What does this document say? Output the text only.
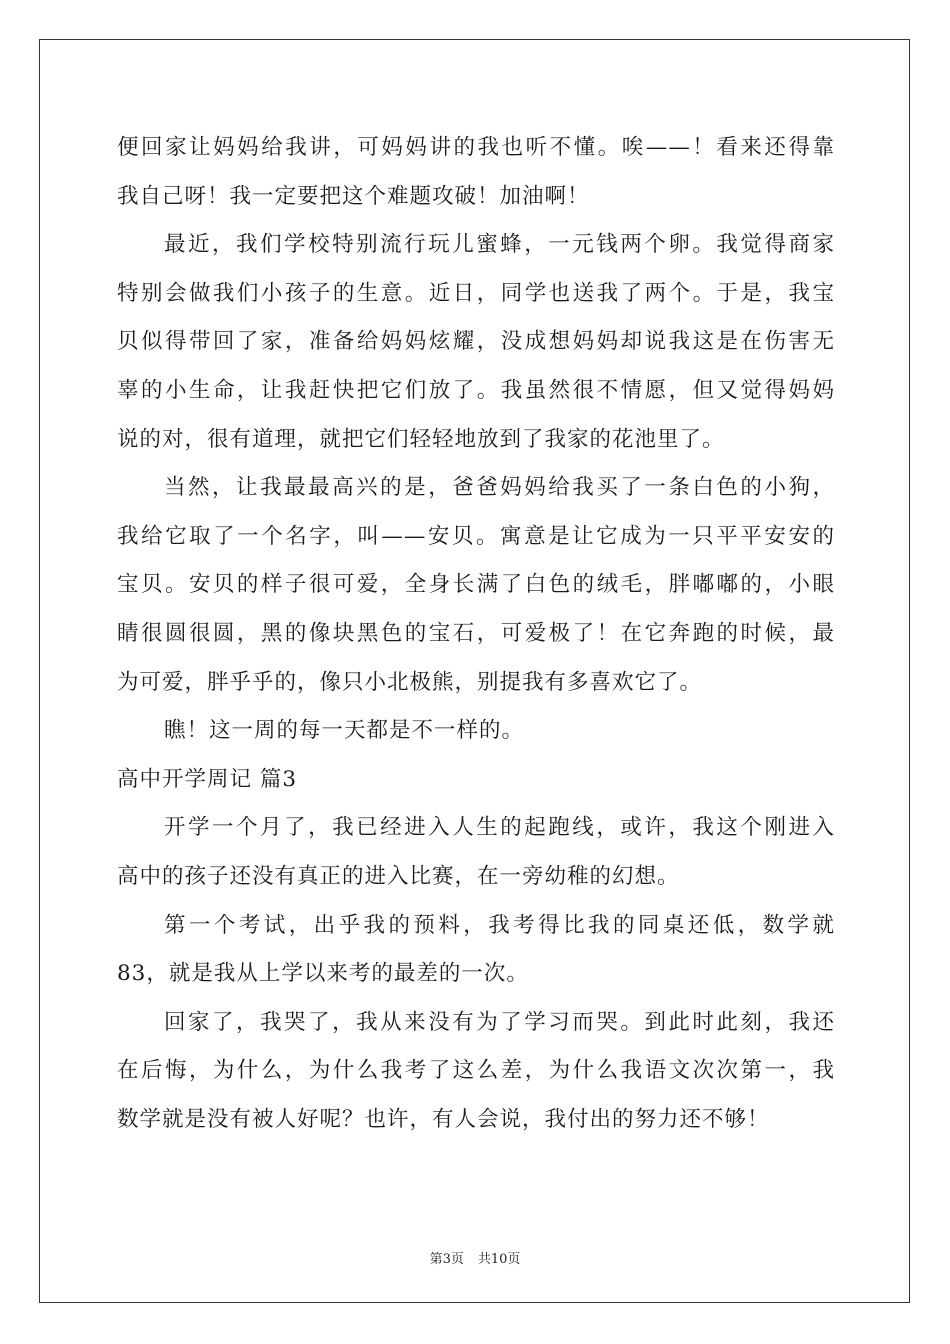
便回家让妈妈给我讲，可妈妈讲的我也听不懂。唉——！看来还得靠
我自己呀！我一定要把这个难题攻破！加油啊！
最近，我们学校特别流行玩儿蜜蜂，一元钱两个卵。我觉得商家
特别会做我们小孩子的生意。近日，同学也送我了两个。于是，我宝
贝似得带回了家，准备给妈妈炫耀，没成想妈妈却说我这是在伤害无
辜的小生命，让我赶快把它们放了。我虽然很不情愿，但又觉得妈妈
说的对，很有道理，就把它们轻轻地放到了我家的花池里了。
当然，让我最最高兴的是，爸爸妈妈给我买了一条白色的小狗，
我给它取了一个名字，叫——安贝。寓意是让它成为一只平平安安的
宝贝。安贝的样子很可爱，全身长满了白色的绒毛，胖嘟嘟的，小眼
睛很圆很圆，黑的像块黑色的宝石，可爱极了！在它奔跑的时候，最
为可爱，胖乎乎的，像只小北极熊，别提我有多喜欢它了。
瞧！这一周的每一天都是不一样的。
高中开学周记 篇3
开学一个月了，我已经进入人生的起跑线，或许，我这个刚进入
高中的孩子还没有真正的进入比赛，在一旁幼稚的幻想。
第一个考试，出乎我的预料，我考得比我的同桌还低，数学就
83，就是我从上学以来考的最差的一次。
回家了，我哭了，我从来没有为了学习而哭。到此时此刻，我还
在后悔，为什么，为什么我考了这么差，为什么我语文次次第一，我
数学就是没有被人好呢？也许，有人会说，我付出的努力还不够！
第3页 共10页
